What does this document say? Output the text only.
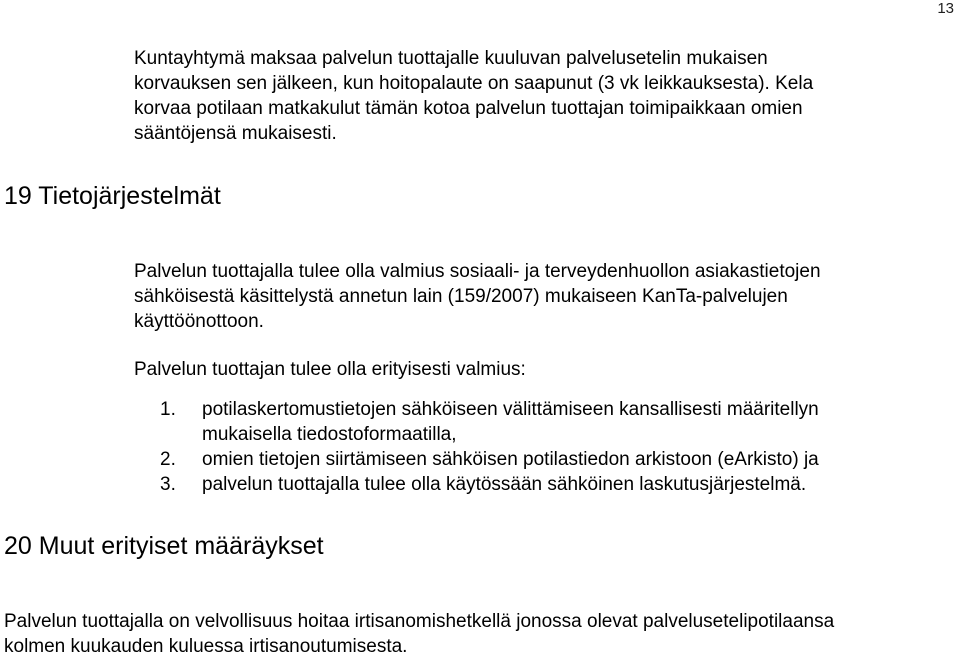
13

Kuntayhtymä maksaa palvelun tuottajalle kuuluvan palvelusetelin mukaisen
korvauksen sen jälkeen, kun hoitopalaute on saapunut (3 vk leikkauksesta). Kela
korvaa potilaan matkakulut tämän kotoa palvelun tuottajan toimipaikkaan omien
sääntöjensä mukaisesti.

19 Tietojärjestelmät

Palvelun tuottajalla tulee olla valmius sosiaali- ja terveydenhuollon asiakastietojen
sähköisestä käsittelystä annetun lain (159/2007) mukaiseen KanTa-palvelujen
käyttöönottoon.

Palvelun tuottajan tulee olla erityisesti valmius:

1.	potilaskertomustietojen sähköiseen välittämiseen kansallisesti määritellyn
mukaisella tiedostoformaatilla,
2.	omien tietojen siirtämiseen sähköisen potilastiedon arkistoon (eArkisto) ja
3.	palvelun tuottajalla tulee olla käytössään sähköinen laskutusjärjestelmä.
20 Muut erityiset määräykset

Palvelun tuottajalla on velvollisuus hoitaa irtisanomishetkellä jonossa olevat palvelusetelipotilaansa
kolmen kuukauden kuluessa irtisanoutumisesta.
